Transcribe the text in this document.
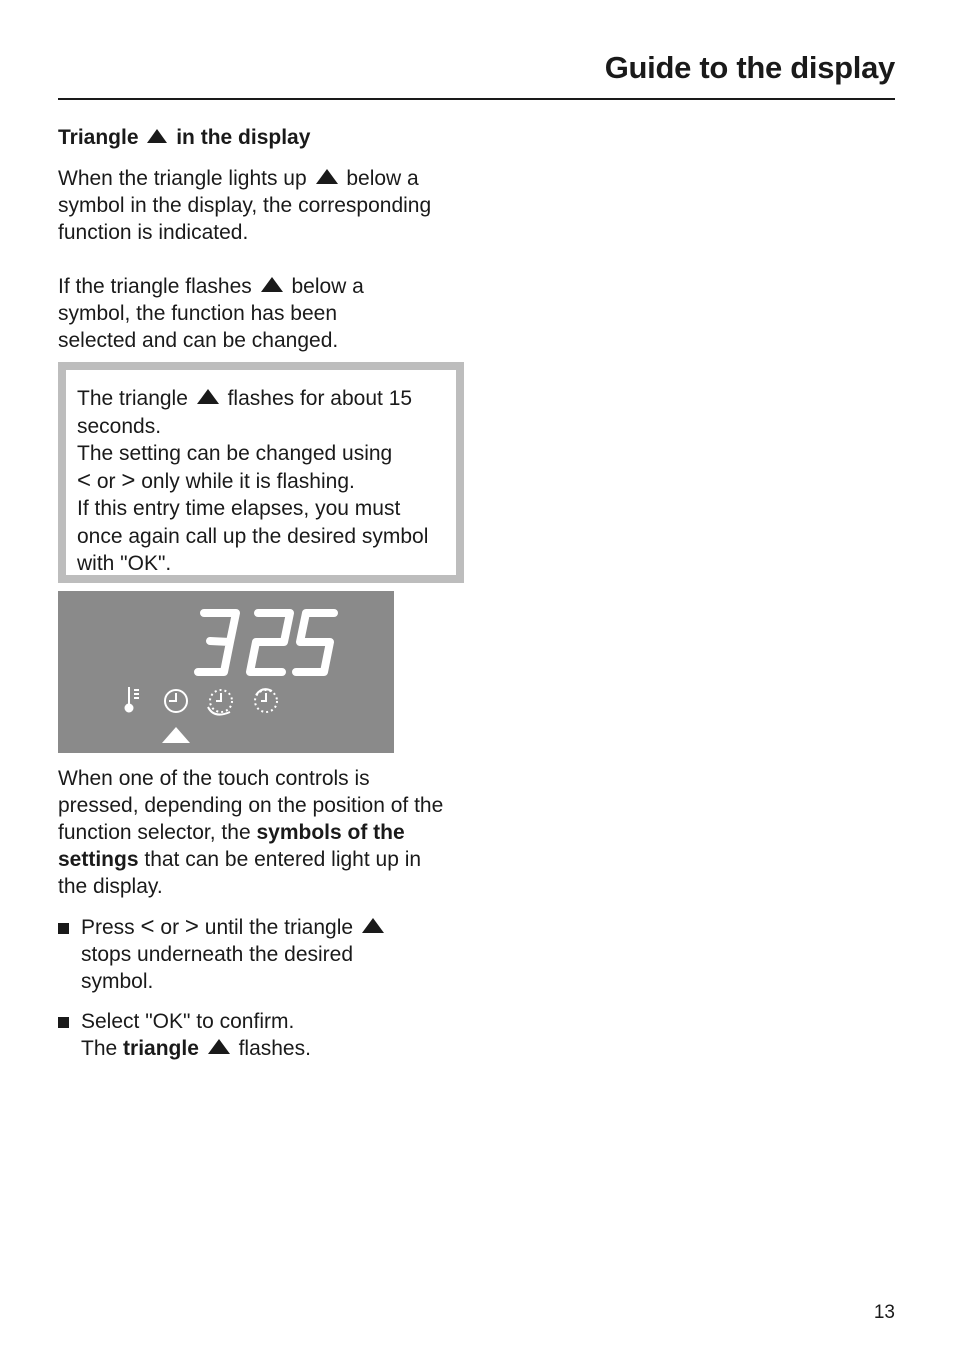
Guide to the display
Triangle in the display
When the triangle lights up below a symbol in the display, the corresponding function is indicated.
If the triangle flashes below a symbol, the function has been selected and can be changed.
The triangle flashes for about 15 seconds.
The setting can be changed using
< or > only while it is flashing.
If this entry time elapses, you must once again call up the desired symbol with "OK".
When one of the touch controls is pressed, depending on the position of the function selector, the symbols of the settings that can be entered light up in the display.
Press < or > until the triangle  stops underneath the desired symbol.
Select "OK" to confirm.
The triangle flashes.
13
